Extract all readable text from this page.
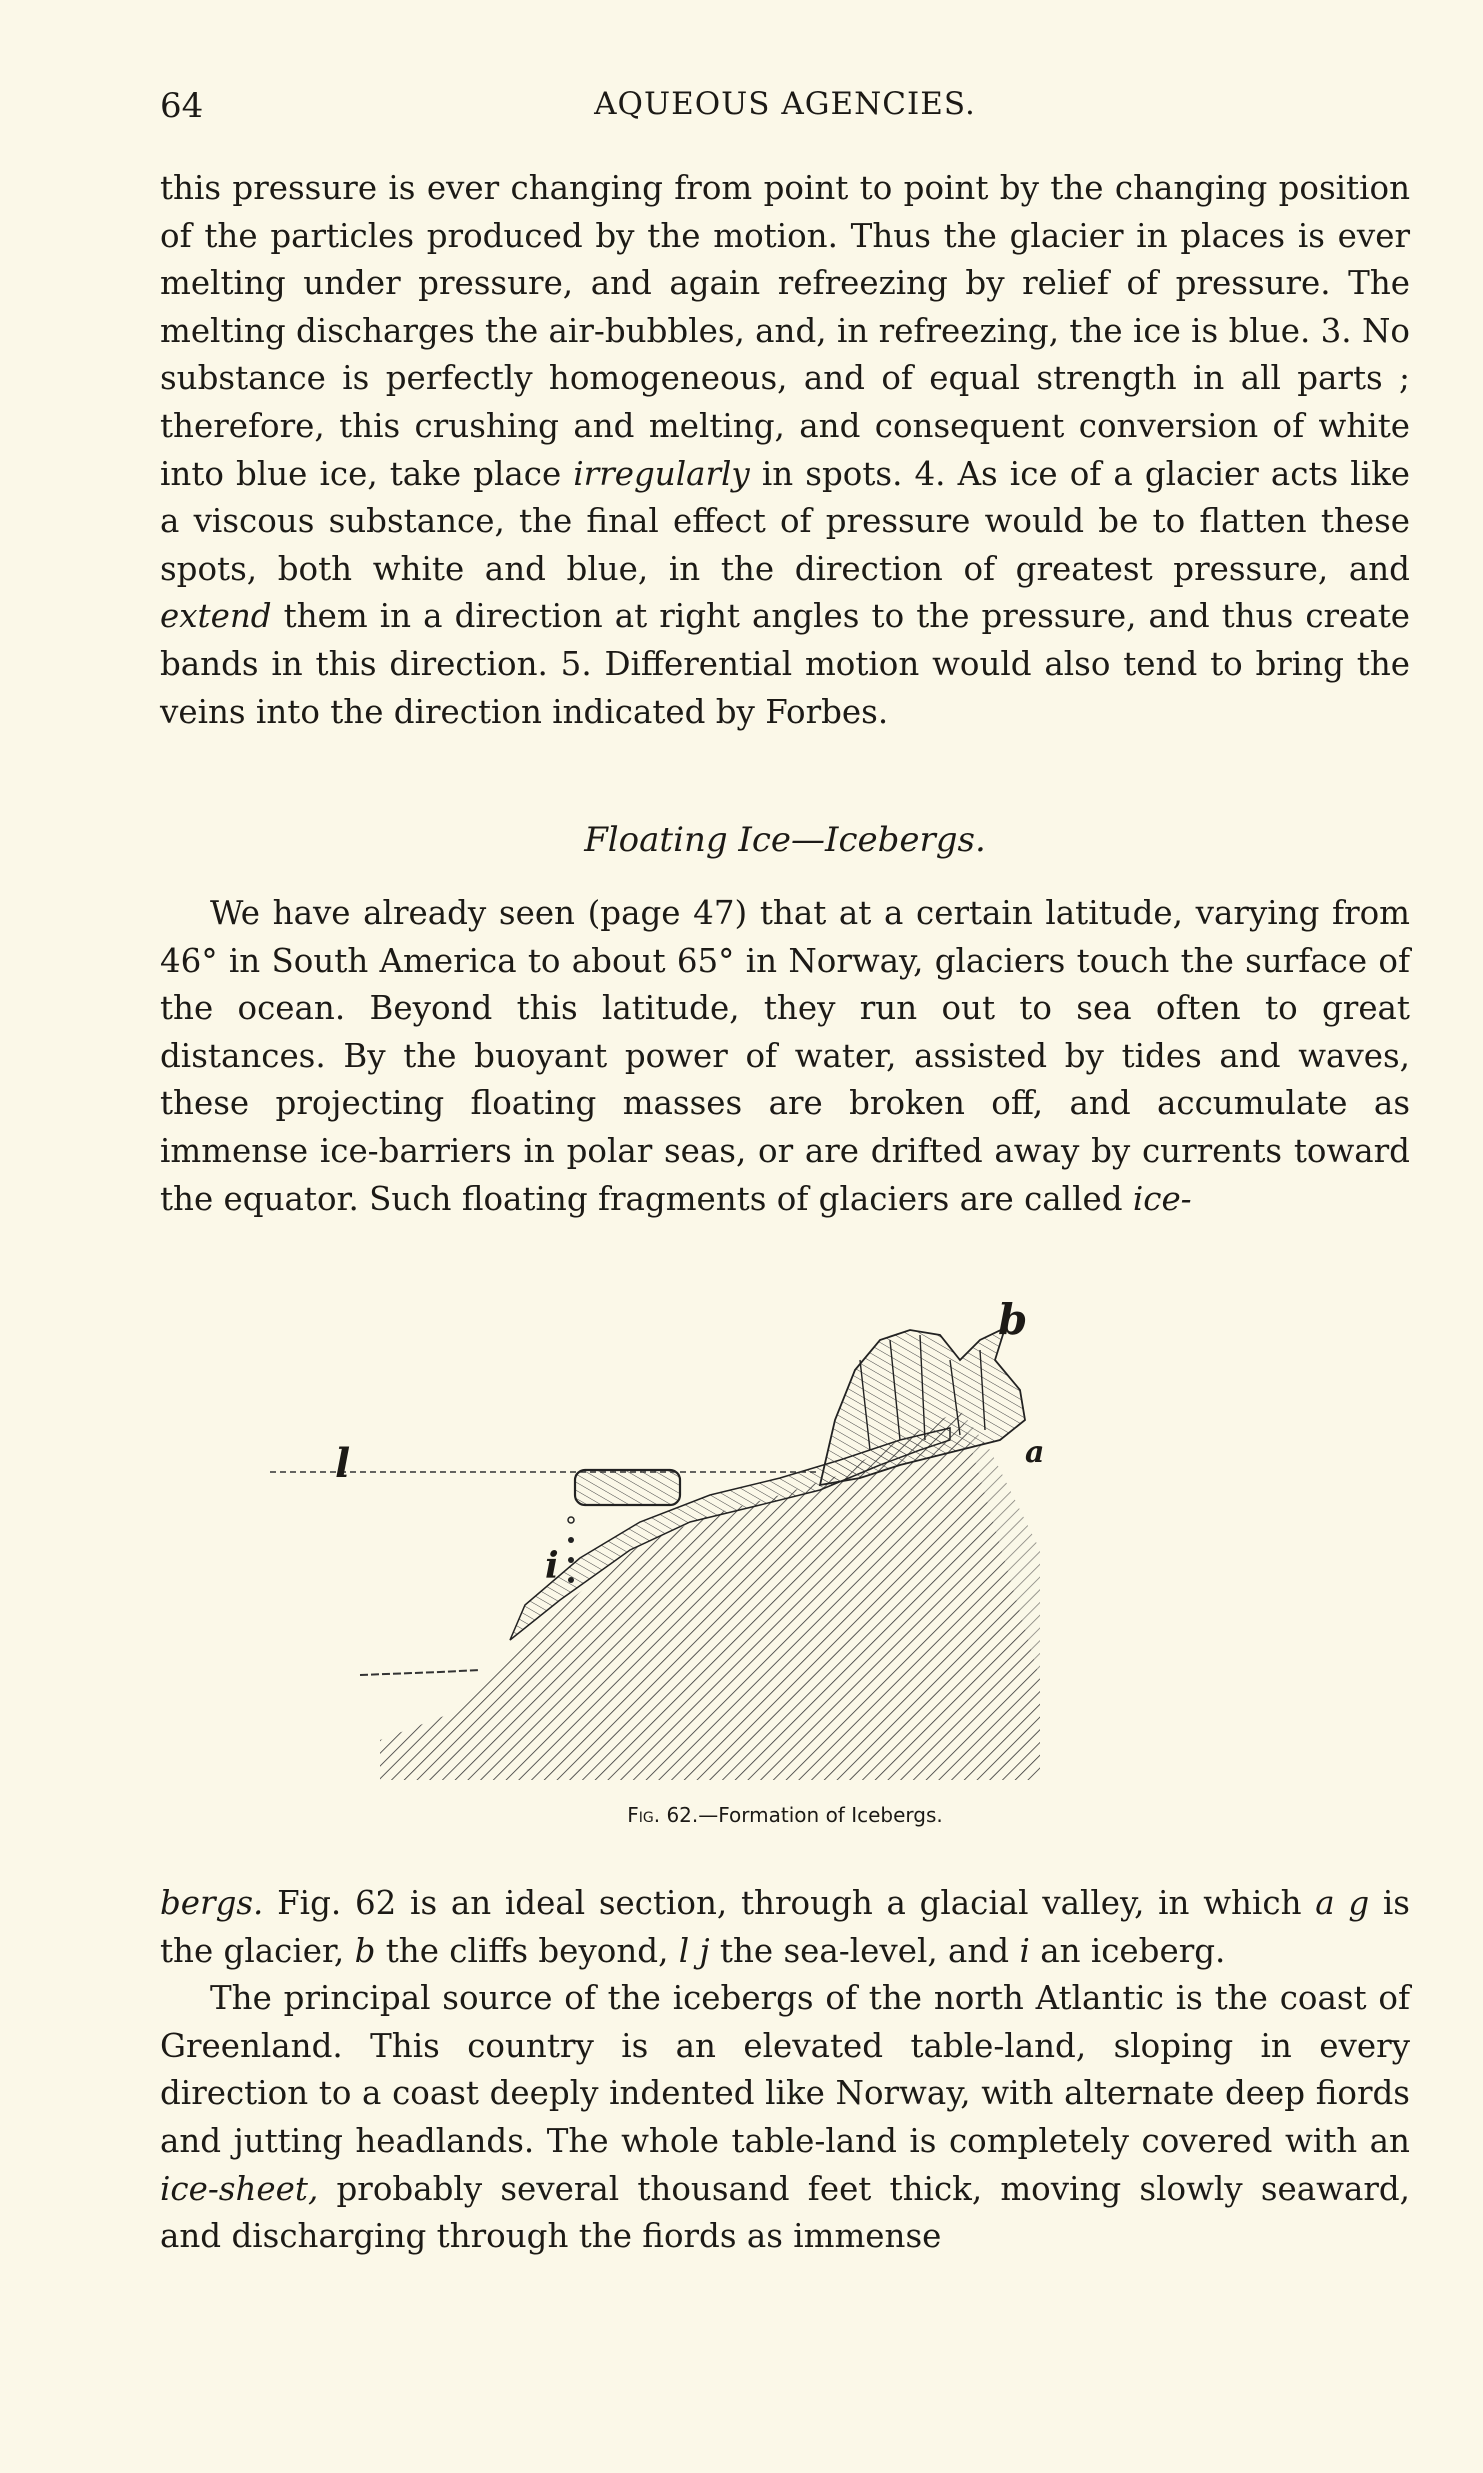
64	AQUEOUS AGENCIES.

this pressure is ever changing from point to point by the changing position of the particles produced by the motion. Thus the glacier in places is ever melting under pressure, and again refreezing by relief of pressure. The melting discharges the air-bubbles, and, in refreezing, the ice is blue. 3. No substance is perfectly homogeneous, and of equal strength in all parts ; therefore, this crushing and melting, and consequent conversion of white into blue ice, take place irregularly in spots. 4. As ice of a glacier acts like a viscous substance, the final effect of pressure would be to flatten these spots, both white and blue, in the direction of greatest pressure, and extend them in a direction at right angles to the pressure, and thus create bands in this direction. 5. Differential motion would also tend to bring the veins into the direction indicated by Forbes.

Floating Ice—Icebergs.

We have already seen (page 47) that at a certain latitude, varying from 46° in South America to about 65° in Norway, glaciers touch the surface of the ocean. Beyond this latitude, they run out to sea often to great distances. By the buoyant power of water, assisted by tides and waves, these projecting floating masses are broken off, and accumulate as immense ice-barriers in polar seas, or are drifted away by currents toward the equator. Such floating fragments of glaciers are called ice-

b
a
l
i
Fig. 62.—Formation of Icebergs.

bergs. Fig. 62 is an ideal section, through a glacial valley, in which a g is the glacier, b the cliffs beyond, l j the sea-level, and i an iceberg.

The principal source of the icebergs of the north Atlantic is the coast of Greenland. This country is an elevated table-land, sloping in every direction to a coast deeply indented like Norway, with alternate deep fiords and jutting headlands. The whole table-land is completely covered with an ice-sheet, probably several thousand feet thick, moving slowly seaward, and discharging through the fiords as immense
